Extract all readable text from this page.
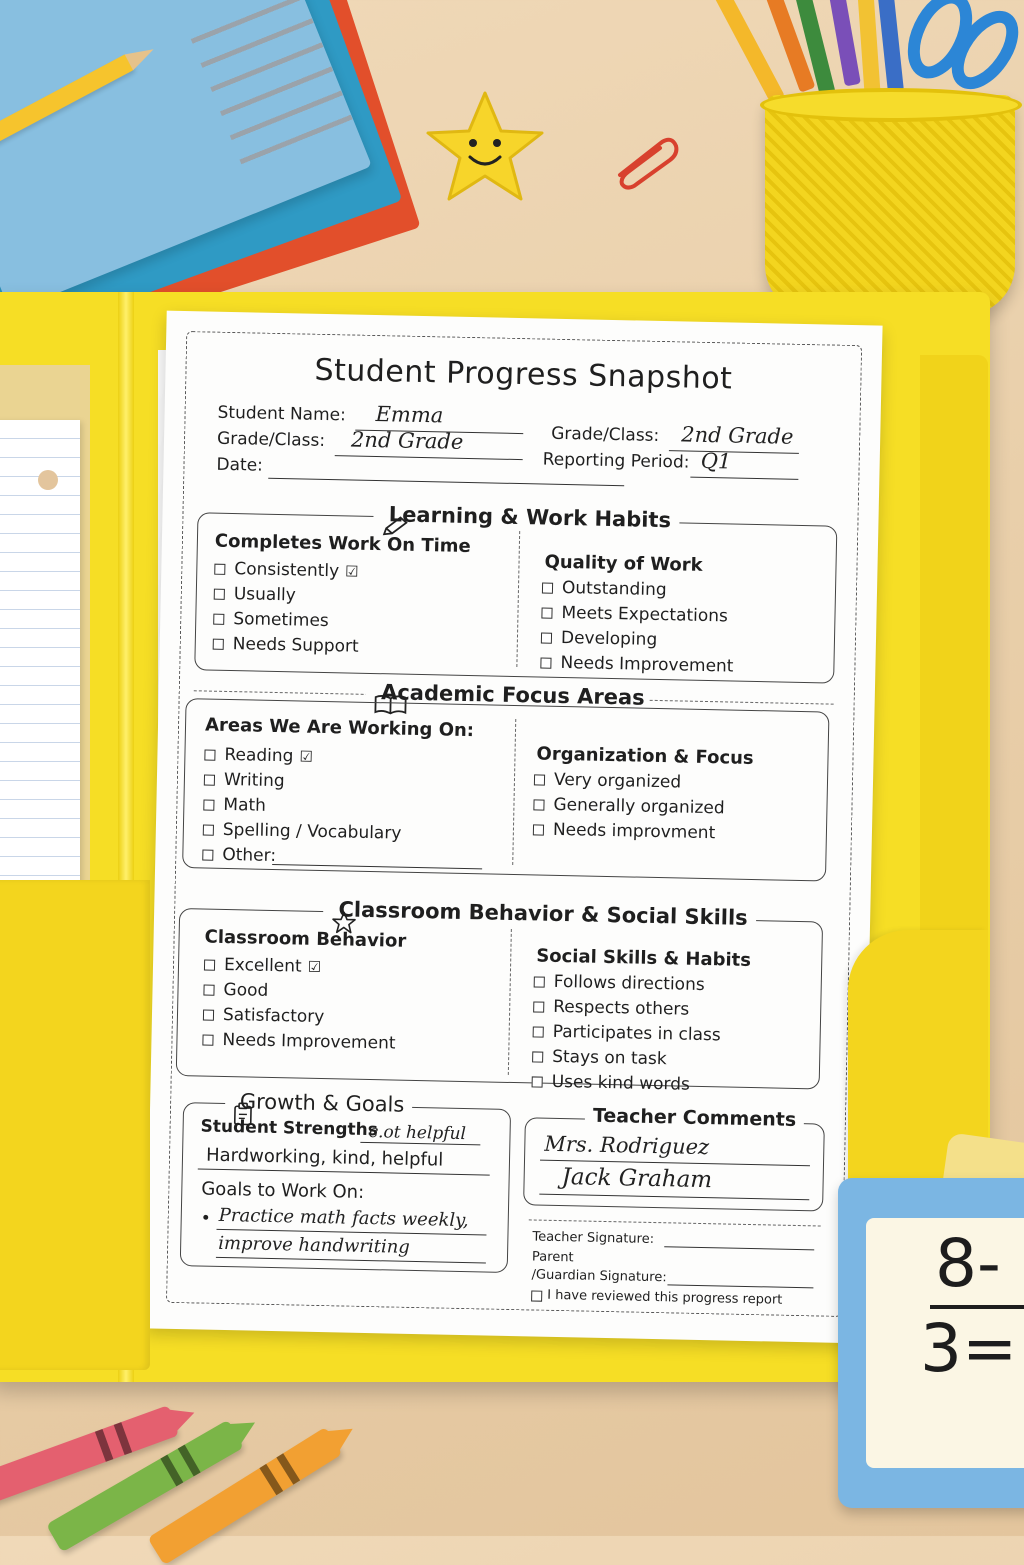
Student Progress Snapshot
Student Name: Emma
Grade/Class: 2nd Grade
Date:
Grade/Class: 2nd Grade
Reporting Period: Q1
Learning & Work Habits
Completes Work On Time
Consistently ☑
Usually
Sometimes
Needs Support
Quality of Work
Outstanding
Meets Expectations
Developing
Needs Improvement
Academic Focus Areas
Areas We Are Working On:
Reading ☑
Writing
Math
Spelling / Vocabulary
Other:
Organization & Focus
Very organized
Generally organized
Needs improvment
Classroom Behavior & Social Skills
Classroom Behavior
Excellent ☑
Good
Satisfactory
Needs Improvement
Social Skills & Habits
Follows directions
Respects others
Participates in class
Stays on task
Uses kind words
Growth & Goals
Student Strengths
c.ot helpful
Hardworking, kind, helpful
Goals to Work On:
• Practice math facts weekly,
improve handwriting
Teacher Comments
Mrs. Rodriguez
Jack Graham
Teacher Signature:
Parent
/Guardian Signature:
I have reviewed this progress report 8-
3=
